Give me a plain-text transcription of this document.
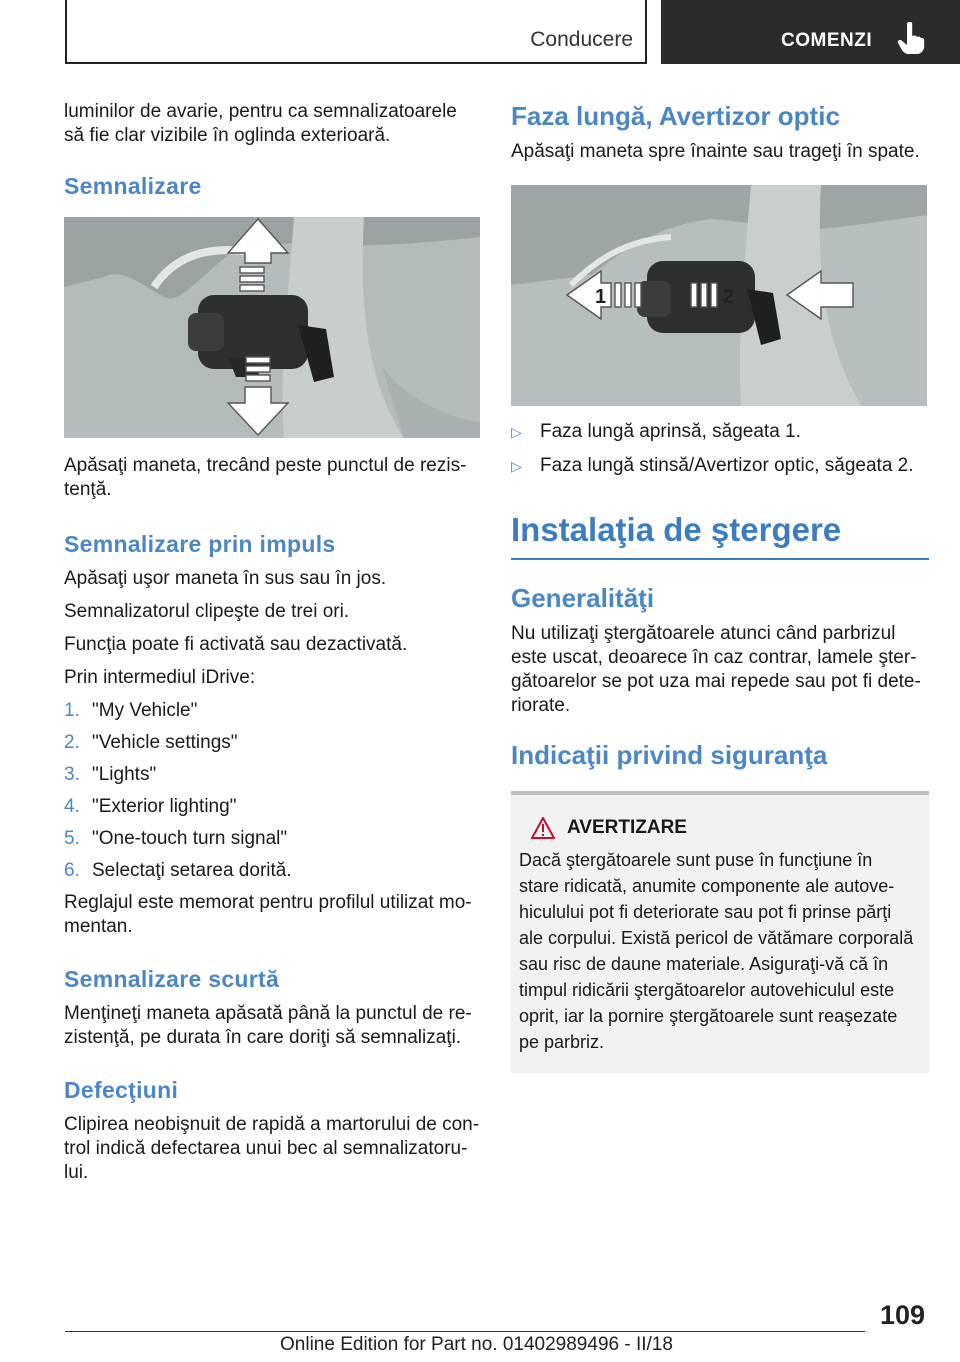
Conducere	COMENZI

luminilor de avarie, pentru ca semnalizatoarele să fie clar vizibile în oglinda exterioară.

Semnalizare

Apăsaţi maneta, trecând peste punctul de rezistenţă.

Semnalizare prin impuls

Apăsaţi uşor maneta în sus sau în jos.

Semnalizatorul clipeşte de trei ori.

Funcţia poate fi activată sau dezactivată.

Prin intermediul iDrive:

1. "My Vehicle"
2. "Vehicle settings"
3. "Lights"
4. "Exterior lighting"
5. "One-touch turn signal"
6. Selectaţi setarea dorită.

Reglajul este memorat pentru profilul utilizat momentan.

Semnalizare scurtă

Menţineţi maneta apăsată până la punctul de rezistenţă, pe durata în care doriţi să semnalizaţi.

Defecţiuni

Clipirea neobişnuit de rapidă a martorului de control indică defectarea unui bec al semnalizatorului.

Faza lungă, Avertizor optic

Apăsaţi maneta spre înainte sau trageţi în spate.

1	2
▷ Faza lungă aprinsă, săgeata 1.
▷ Faza lungă stinsă/Avertizor optic, săgeata 2.
Instalaţia de ştergere
Generalităţi

Nu utilizaţi ştergătoarele atunci când parbrizul este uscat, deoarece în caz contrar, lamele ştergătoarelor se pot uza mai repede sau pot fi deteriorate.

Indicaţii privind siguranţa
AVERTIZARE

Dacă ştergătoarele sunt puse în funcţiune în stare ridicată, anumite componente ale autovehiculului pot fi deteriorate sau pot fi prinse părţi ale corpului. Există pericol de vătămare corporală sau risc de daune materiale. Asiguraţi-vă că în timpul ridicării ştergătoarelor autovehiculul este oprit, iar la pornire ştergătoarele sunt reaşezate pe parbriz.

109
Online Edition for Part no. 01402989496 - II/18
